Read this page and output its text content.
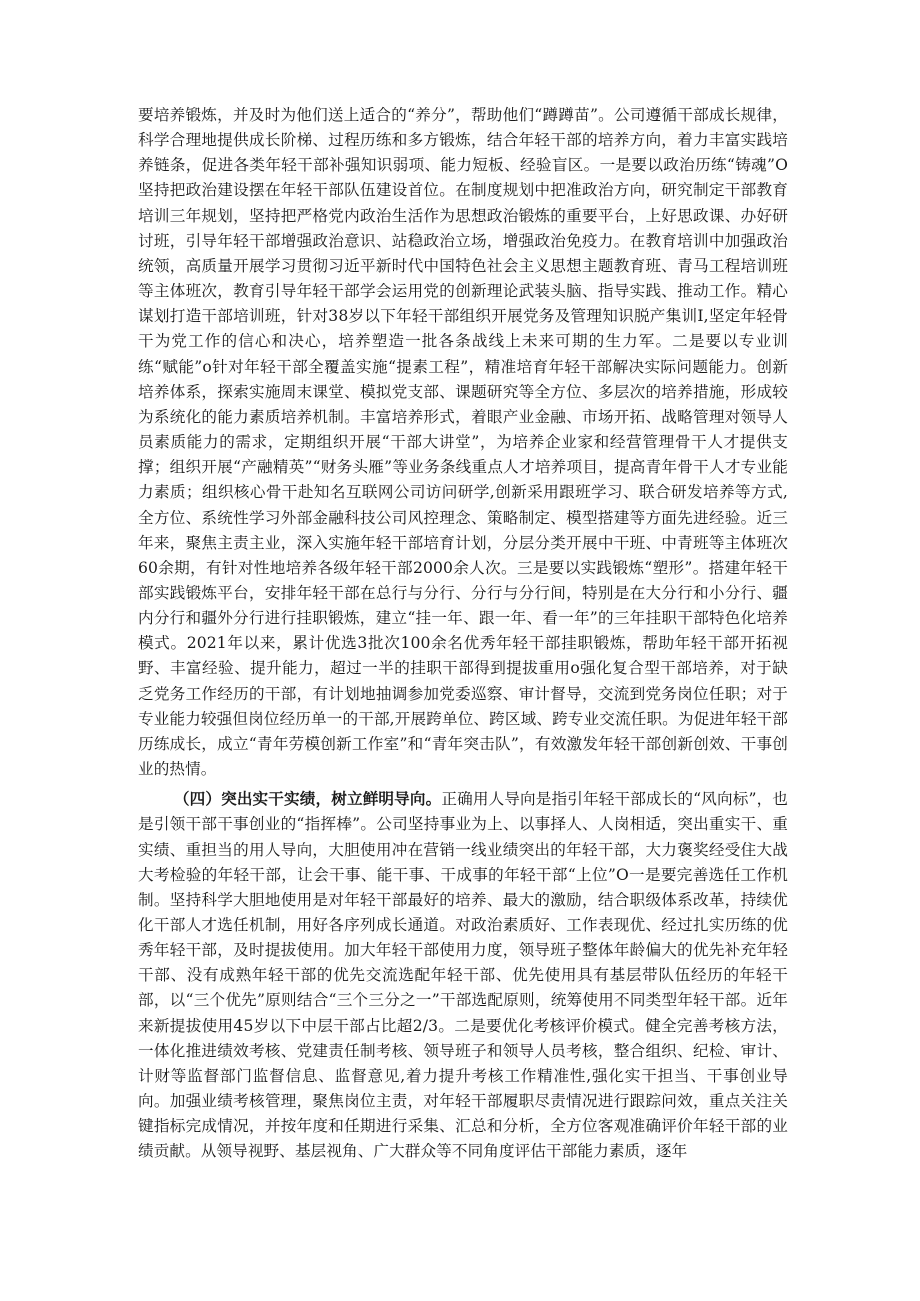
要培养锻炼，并及时为他们送上适合的“养分”，帮助他们“蹲蹲苗”。公司遵循干部成长规律，科学合理地提供成长阶梯、过程历练和多方锻炼，结合年轻干部的培养方向，着力丰富实践培养链条，促进各类年轻干部补强知识弱项、能力短板、经验盲区。一是要以政治历练“铸魂”O坚持把政治建设摆在年轻干部队伍建设首位。在制度规划中把准政治方向，研究制定干部教育培训三年规划，坚持把严格党内政治生活作为思想政治锻炼的重要平台，上好思政课、办好研讨班，引导年轻干部增强政治意识、站稳政治立场，增强政治免疫力。在教育培训中加强政治统领，高质量开展学习贯彻习近平新时代中国特色社会主义思想主题教育班、青马工程培训班等主体班次，教育引导年轻干部学会运用党的创新理论武装头脑、指导实践、推动工作。精心谋划打造干部培训班，针对38岁以下年轻干部组织开展党务及管理知识脱产集训I,坚定年轻骨干为党工作的信心和决心，培养塑造一批各条战线上未来可期的生力军。二是要以专业训练“赋能”o针对年轻干部全覆盖实施“提素工程”，精准培育年轻干部解决实际问题能力。创新培养体系，探索实施周末课堂、模拟党支部、课题研究等全方位、多层次的培养措施，形成较为系统化的能力素质培养机制。丰富培养形式，着眼产业金融、市场开拓、战略管理对领导人员素质能力的需求，定期组织开展“干部大讲堂”，为培养企业家和经营管理骨干人才提供支撑；组织开展“产融精英”“财务头雁”等业务条线重点人才培养项目，提高青年骨干人才专业能力素质；组织核心骨干赴知名互联网公司访问研学,创新采用跟班学习、联合研发培养等方式,全方位、系统性学习外部金融科技公司风控理念、策略制定、模型搭建等方面先进经验。近三年来，聚焦主责主业，深入实施年轻干部培育计划，分层分类开展中干班、中青班等主体班次60余期，有针对性地培养各级年轻干部2000余人次。三是要以实践锻炼“塑形”。搭建年轻干部实践锻炼平台，安排年轻干部在总行与分行、分行与分行间，特别是在大分行和小分行、疆内分行和疆外分行进行挂职锻炼，建立“挂一年、跟一年、看一年”的三年挂职干部特色化培养模式。2021年以来，累计优选3批次100余名优秀年轻干部挂职锻炼，帮助年轻干部开拓视野、丰富经验、提升能力，超过一半的挂职干部得到提拔重用o强化复合型干部培养，对于缺乏党务工作经历的干部，有计划地抽调参加党委巡察、审计督导，交流到党务岗位任职；对于专业能力较强但岗位经历单一的干部,开展跨单位、跨区域、跨专业交流任职。为促进年轻干部历练成长，成立“青年劳模创新工作室”和“青年突击队”，有效激发年轻干部创新创效、干事创业的热情。

（四）突出实干实绩，树立鲜明导向。正确用人导向是指引年轻干部成长的“风向标”，也是引领干部干事创业的“指挥棒”。公司坚持事业为上、以事择人、人岗相适，突出重实干、重实绩、重担当的用人导向，大胆使用冲在营销一线业绩突出的年轻干部，大力褒奖经受住大战大考检验的年轻干部，让会干事、能干事、干成事的年轻干部“上位”O一是要完善选任工作机制。坚持科学大胆地使用是对年轻干部最好的培养、最大的激励，结合职级体系改革，持续优化干部人才选任机制，用好各序列成长通道。对政治素质好、工作表现优、经过扎实历练的优秀年轻干部，及时提拔使用。加大年轻干部使用力度，领导班子整体年龄偏大的优先补充年轻干部、没有成熟年轻干部的优先交流选配年轻干部、优先使用具有基层带队伍经历的年轻干部，以“三个优先”原则结合“三个三分之一”干部选配原则，统筹使用不同类型年轻干部。近年来新提拔使用45岁以下中层干部占比超2/3。二是要优化考核评价模式。健全完善考核方法，一体化推进绩效考核、党建责任制考核、领导班子和领导人员考核，整合组织、纪检、审计、计财等监督部门监督信息、监督意见,着力提升考核工作精准性,强化实干担当、干事创业导向。加强业绩考核管理，聚焦岗位主责，对年轻干部履职尽责情况进行跟踪问效，重点关注关键指标完成情况，并按年度和任期进行采集、汇总和分析，全方位客观准确评价年轻干部的业绩贡献。从领导视野、基层视角、广大群众等不同角度评估干部能力素质，逐年
